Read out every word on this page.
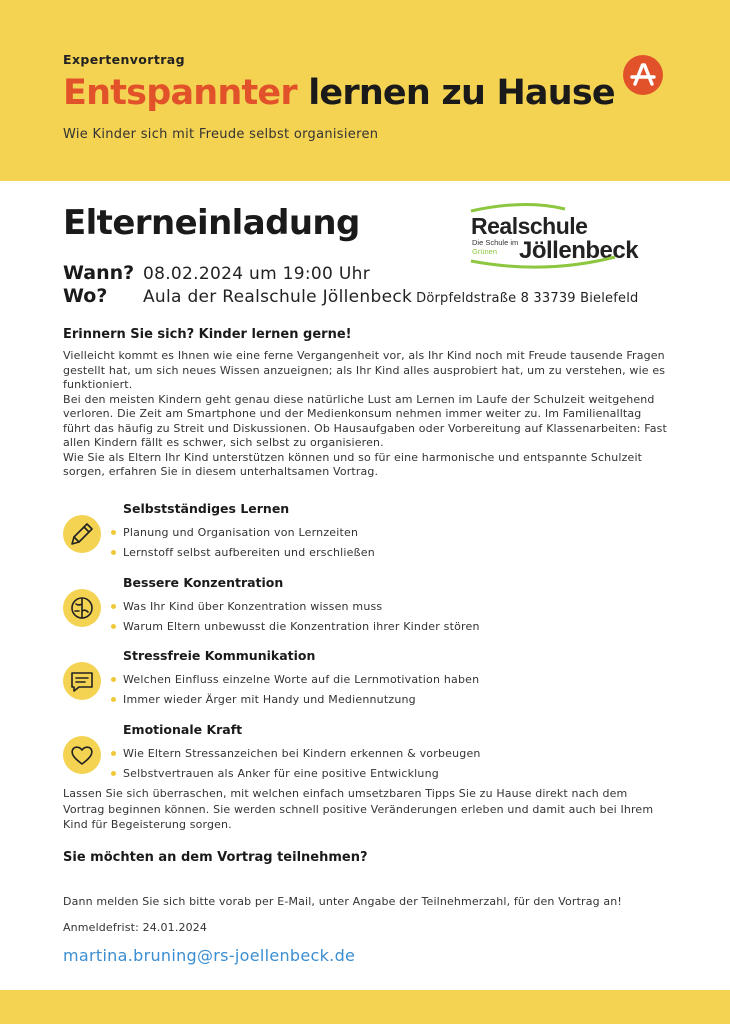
Expertenvortrag
Entspannter lernen zu Hause
Wie Kinder sich mit Freude selbst organisieren
Elterneinladung	Realschule
Die Schule im
Grünen Jöllenbeck
Wann? 08.02.2024 um 19:00 Uhr
Wo? Aula der Realschule Jöllenbeck Dörpfeldstraße 8 33739 Bielefeld
Erinnern Sie sich? Kinder lernen gerne!

Vielleicht kommt es Ihnen wie eine ferne Vergangenheit vor, als Ihr Kind noch mit Freude tausende Fragen gestellt hat, um sich neues Wissen anzueignen; als Ihr Kind alles ausprobiert hat, um zu verstehen, wie es funktioniert.

Bei den meisten Kindern geht genau diese natürliche Lust am Lernen im Laufe der Schulzeit weitgehend verloren. Die Zeit am Smartphone und der Medienkonsum nehmen immer weiter zu. Im Familienalltag führt das häufig zu Streit und Diskussionen. Ob Hausaufgaben oder Vorbereitung auf Klassenarbeiten: Fast allen Kindern fällt es schwer, sich selbst zu organisieren.

Wie Sie als Eltern Ihr Kind unterstützen können und so für eine harmonische und entspannte Schulzeit sorgen, erfahren Sie in diesem unterhaltsamen Vortrag.

Selbstständiges Lernen
Planung und Organisation von Lernzeiten
Lernstoff selbst aufbereiten und erschließen
Bessere Konzentration
Was Ihr Kind über Konzentration wissen muss
Warum Eltern unbewusst die Konzentration ihrer Kinder stören
Stressfreie Kommunikation
Welchen Einfluss einzelne Worte auf die Lernmotivation haben
Immer wieder Ärger mit Handy und Mediennutzung
Emotionale Kraft
Wie Eltern Stressanzeichen bei Kindern erkennen & vorbeugen
Selbstvertrauen als Anker für eine positive Entwicklung
Lassen Sie sich überraschen, mit welchen einfach umsetzbaren Tipps Sie zu Hause direkt nach dem Vortrag beginnen können. Sie werden schnell positive Veränderungen erleben und damit auch bei Ihrem Kind für Begeisterung sorgen.
Sie möchten an dem Vortrag teilnehmen?
Dann melden Sie sich bitte vorab per E-Mail, unter Angabe der Teilnehmerzahl, für den Vortrag an!
Anmeldefrist: 24.01.2024
martina.bruning@rs-joellenbeck.de
